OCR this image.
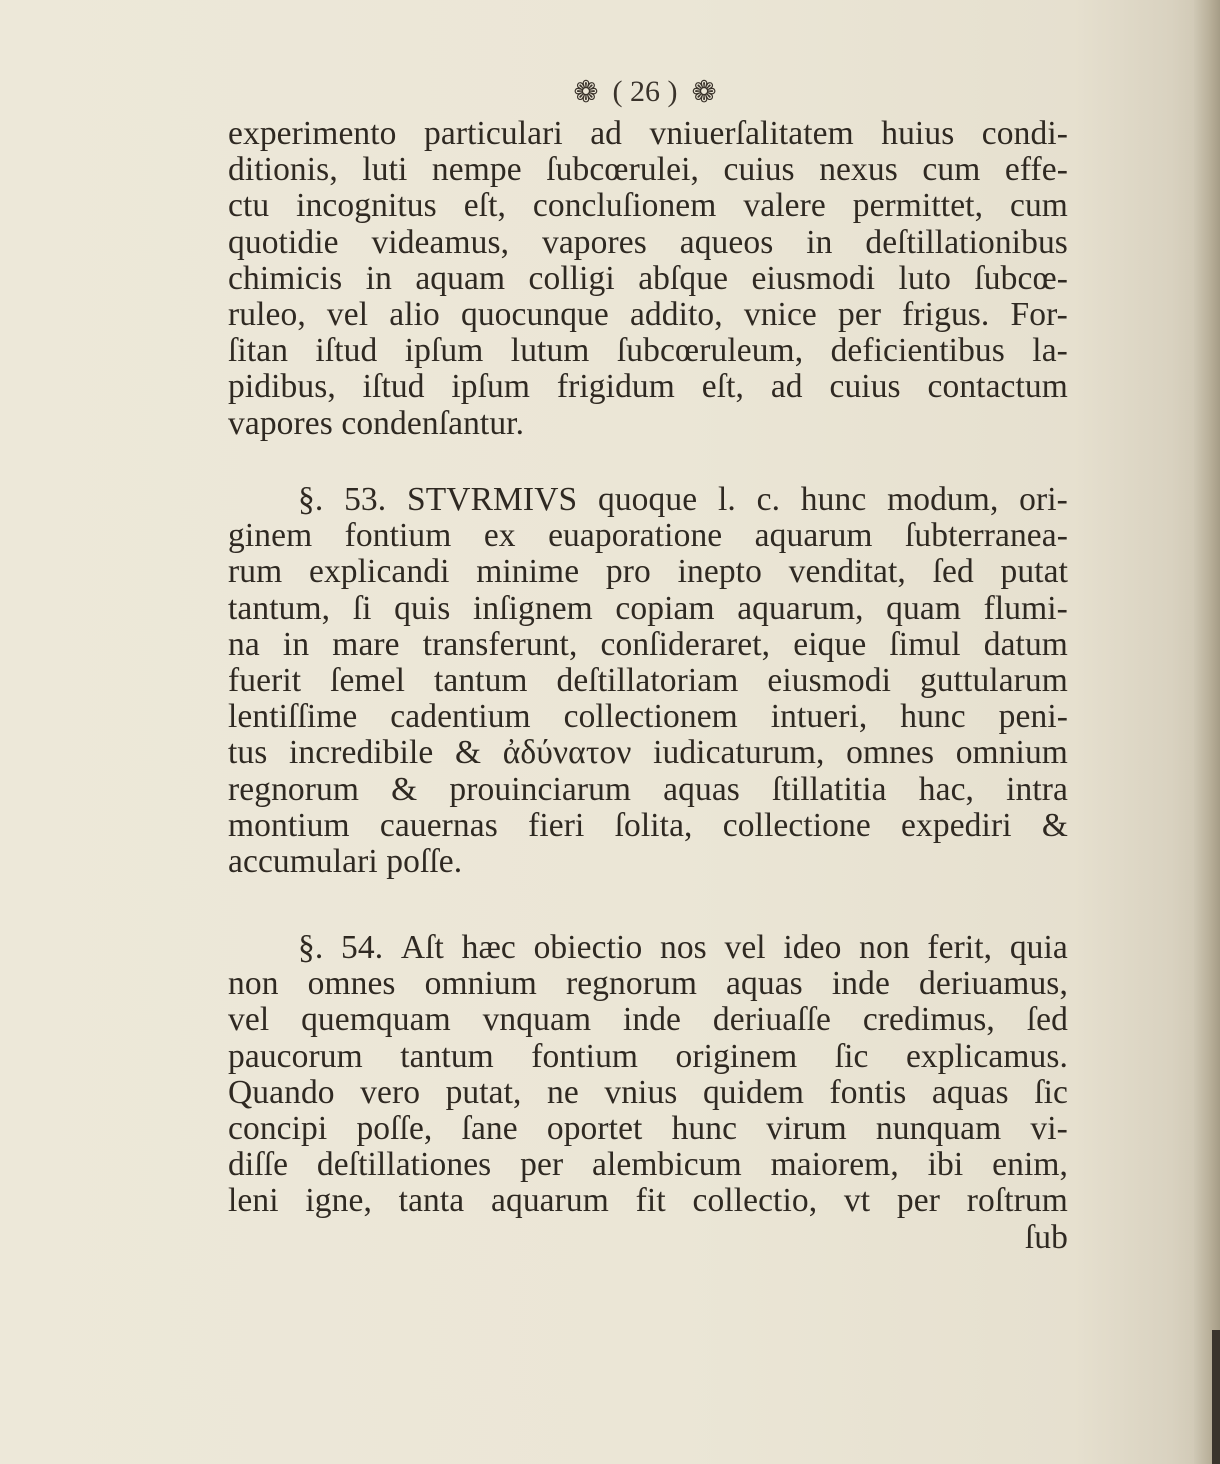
❁ ( 26 ) ❁
experimento particulari ad vniuerſalitatem huius condi-
ditionis, luti nempe ſubcœrulei, cuius nexus cum effe-
ctu incognitus eſt, concluſionem valere permittet, cum
quotidie videamus, vapores aqueos in deſtillationibus
chimicis in aquam colligi abſque eiusmodi luto ſubcœ-
ruleo, vel alio quocunque addito, vnice per frigus. For-
ſitan iſtud ipſum lutum ſubcœruleum, deficientibus la-
pidibus, iſtud ipſum frigidum eſt, ad cuius contactum
vapores condenſantur.
§. 53. STVRMIVS quoque l. c. hunc modum, ori-
ginem fontium ex euaporatione aquarum ſubterranea-
rum explicandi minime pro inepto venditat, ſed putat
tantum, ſi quis inſignem copiam aquarum, quam flumi-
na in mare transferunt, conſideraret, eique ſimul datum
fuerit ſemel tantum deſtillatoriam eiusmodi guttularum
lentiſſime cadentium collectionem intueri, hunc peni-
tus incredibile & ἀδύνατον iudicaturum, omnes omnium
regnorum & prouinciarum aquas ſtillatitia hac, intra
montium cauernas fieri ſolita, collectione expediri &
accumulari poſſe.
§. 54. Aſt hæc obiectio nos vel ideo non ferit, quia
non omnes omnium regnorum aquas inde deriuamus,
vel quemquam vnquam inde deriuaſſe credimus, ſed
paucorum tantum fontium originem ſic explicamus.
Quando vero putat, ne vnius quidem fontis aquas ſic
concipi poſſe, ſane oportet hunc virum nunquam vi-
diſſe deſtillationes per alembicum maiorem, ibi enim,
leni igne, tanta aquarum fit collectio, vt per roſtrum
ſub
